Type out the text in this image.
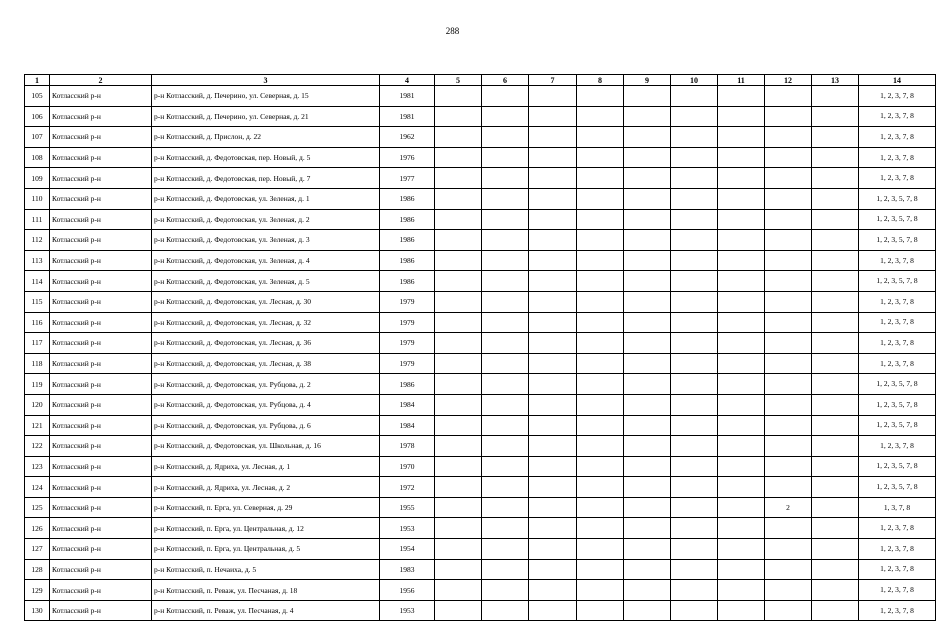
288
1	2	3	4	5	6	7	8	9	10	11	12	13	14
105	Котласский р-н	р-н Котласский, д. Печерино, ул. Северная, д. 15	1981										1, 2, 3, 7, 8
106	Котласский р-н	р-н Котласский, д. Печерино, ул. Северная, д. 21	1981										1, 2, 3, 7, 8
107	Котласский р-н	р-н Котласский, д. Прислон, д. 22	1962										1, 2, 3, 7, 8
108	Котласский р-н	р-н Котласский, д. Федотовская, пер. Новый, д. 5	1976										1, 2, 3, 7, 8
109	Котласский р-н	р-н Котласский, д. Федотовская, пер. Новый, д. 7	1977										1, 2, 3, 7, 8
110	Котласский р-н	р-н Котласский, д. Федотовская, ул. Зеленая, д. 1	1986										1, 2, 3, 5, 7, 8
111	Котласский р-н	р-н Котласский, д. Федотовская, ул. Зеленая, д. 2	1986										1, 2, 3, 5, 7, 8
112	Котласский р-н	р-н Котласский, д. Федотовская, ул. Зеленая, д. 3	1986										1, 2, 3, 5, 7, 8
113	Котласский р-н	р-н Котласский, д. Федотовская, ул. Зеленая, д. 4	1986										1, 2, 3, 7, 8
114	Котласский р-н	р-н Котласский, д. Федотовская, ул. Зеленая, д. 5	1986										1, 2, 3, 5, 7, 8
115	Котласский р-н	р-н Котласский, д. Федотовская, ул. Лесная, д. 30	1979										1, 2, 3, 7, 8
116	Котласский р-н	р-н Котласский, д. Федотовская, ул. Лесная, д. 32	1979										1, 2, 3, 7, 8
117	Котласский р-н	р-н Котласский, д. Федотовская, ул. Лесная, д. 36	1979										1, 2, 3, 7, 8
118	Котласский р-н	р-н Котласский, д. Федотовская, ул. Лесная, д. 38	1979										1, 2, 3, 7, 8
119	Котласский р-н	р-н Котласский, д. Федотовская, ул. Рубцова, д. 2	1986										1, 2, 3, 5, 7, 8
120	Котласский р-н	р-н Котласский, д. Федотовская, ул. Рубцова, д. 4	1984										1, 2, 3, 5, 7, 8
121	Котласский р-н	р-н Котласский, д. Федотовская, ул. Рубцова, д. 6	1984										1, 2, 3, 5, 7, 8
122	Котласский р-н	р-н Котласский, д. Федотовская, ул. Школьная, д. 16	1978										1, 2, 3, 7, 8
123	Котласский р-н	р-н Котласский, д. Ядриха, ул. Лесная, д. 1	1970										1, 2, 3, 5, 7, 8
124	Котласский р-н	р-н Котласский, д. Ядриха, ул. Лесная, д. 2	1972										1, 2, 3, 5, 7, 8
125	Котласский р-н	р-н Котласский, п. Ерга, ул. Северная, д. 29	1955								2		1, 3, 7, 8
126	Котласский р-н	р-н Котласский, п. Ерга, ул. Центральная, д. 12	1953										1, 2, 3, 7, 8
127	Котласский р-н	р-н Котласский, п. Ерга, ул. Центральная, д. 5	1954										1, 2, 3, 7, 8
128	Котласский р-н	р-н Котласский, п. Нечаиха, д. 5	1983										1, 2, 3, 7, 8
129	Котласский р-н	р-н Котласский, п. Реваж, ул. Песчаная, д. 18	1956										1, 2, 3, 7, 8
130	Котласский р-н	р-н Котласский, п. Реваж, ул. Песчаная, д. 4	1953										1, 2, 3, 7, 8
